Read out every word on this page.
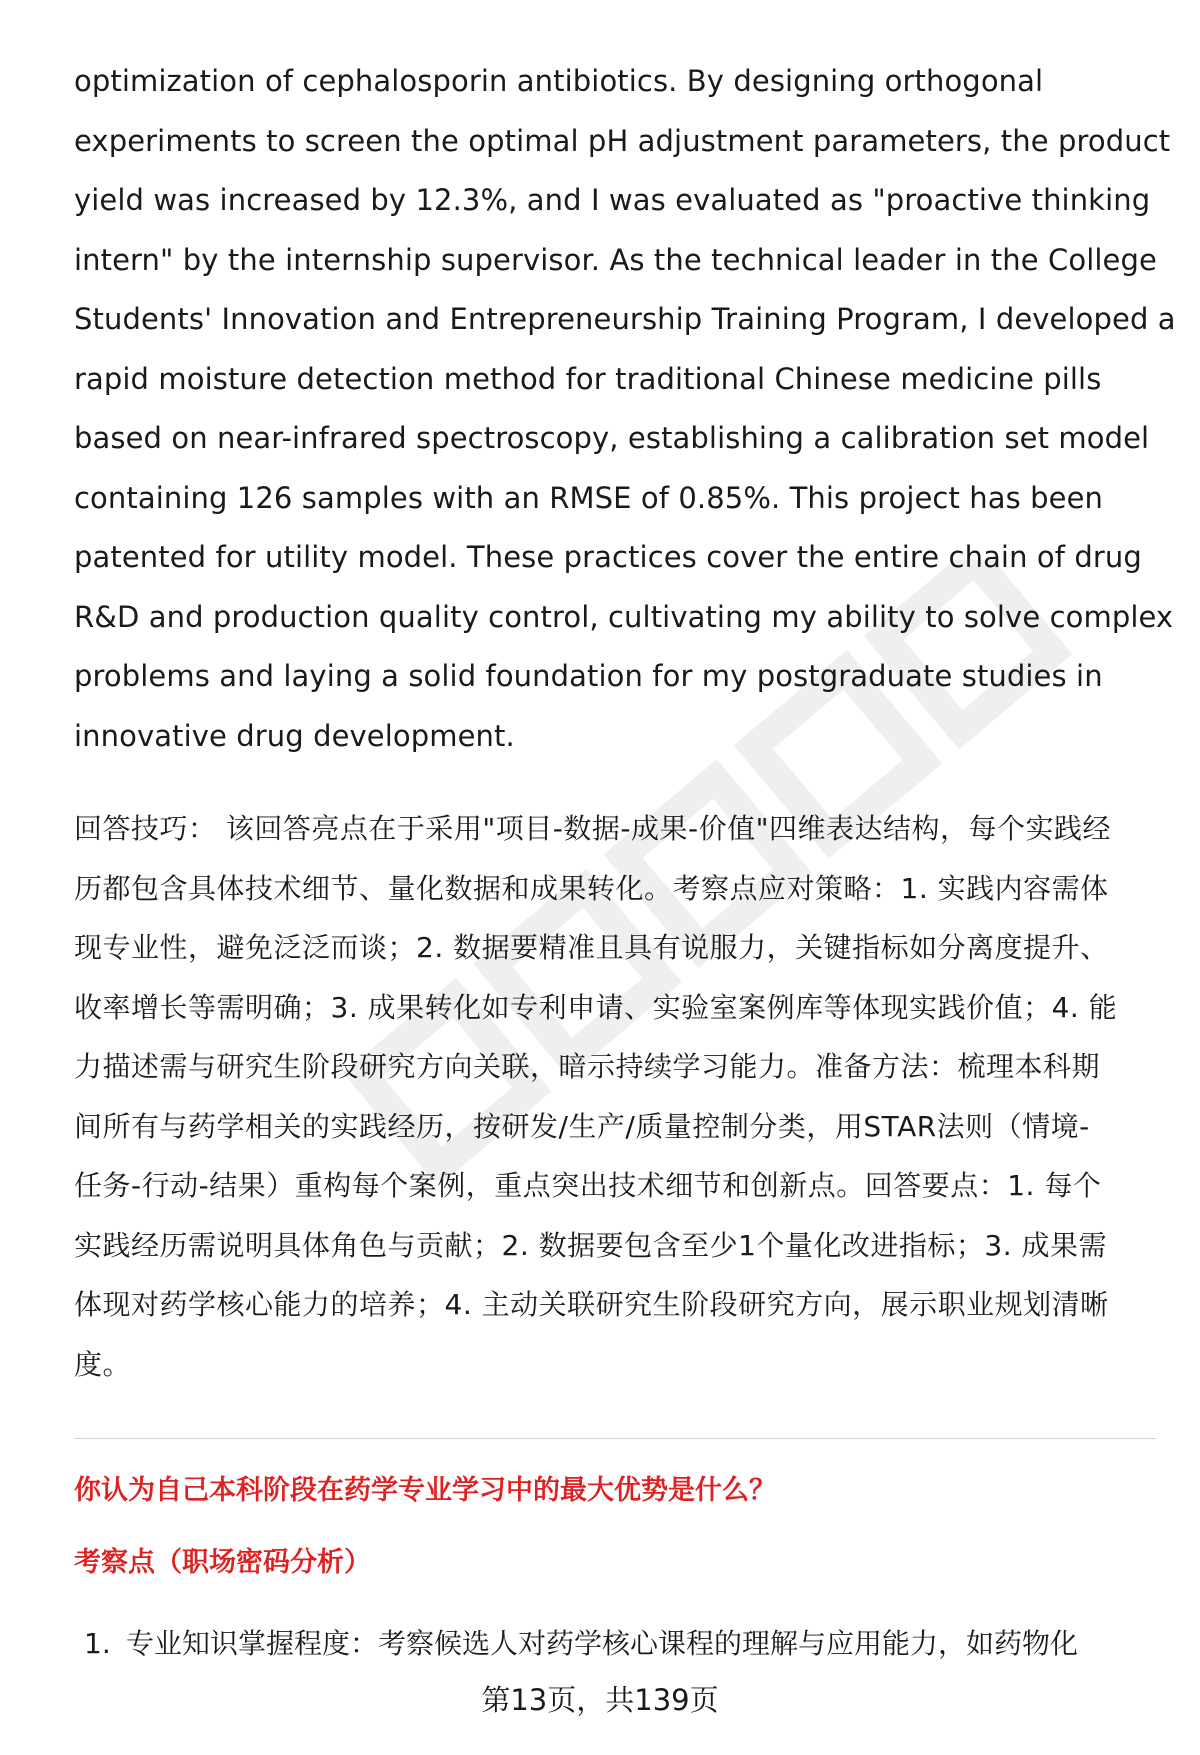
optimization of cephalosporin antibiotics. By designing orthogonal
experiments to screen the optimal pH adjustment parameters, the product
yield was increased by 12.3%, and I was evaluated as "proactive thinking
intern" by the internship supervisor. As the technical leader in the College
Students' Innovation and Entrepreneurship Training Program, I developed a
rapid moisture detection method for traditional Chinese medicine pills
based on near-infrared spectroscopy, establishing a calibration set model
containing 126 samples with an RMSE of 0.85%. This project has been
patented for utility model. These practices cover the entire chain of drug
R&D and production quality control, cultivating my ability to solve complex
problems and laying a solid foundation for my postgraduate studies in
innovative drug development.
回答技巧： 该回答亮点在于采用"项目-数据-成果-价值"四维表达结构，每个实践经
历都包含具体技术细节、量化数据和成果转化。考察点应对策略：1. 实践内容需体
现专业性，避免泛泛而谈；2. 数据要精准且具有说服力，关键指标如分离度提升、
收率增长等需明确；3. 成果转化如专利申请、实验室案例库等体现实践价值；4. 能
力描述需与研究生阶段研究方向关联，暗示持续学习能力。准备方法：梳理本科期
间所有与药学相关的实践经历，按研发/生产/质量控制分类，用STAR法则（情境-
任务-行动-结果）重构每个案例，重点突出技术细节和创新点。回答要点：1. 每个
实践经历需说明具体角色与贡献；2. 数据要包含至少1个量化改进指标；3. 成果需
体现对药学核心能力的培养；4. 主动关联研究生阶段研究方向，展示职业规划清晰
度。
你认为自己本科阶段在药学专业学习中的最大优势是什么？
考察点（职场密码分析）
1. 专业知识掌握程度：考察候选人对药学核心课程的理解与应用能力，如药物化
第13页，共139页
